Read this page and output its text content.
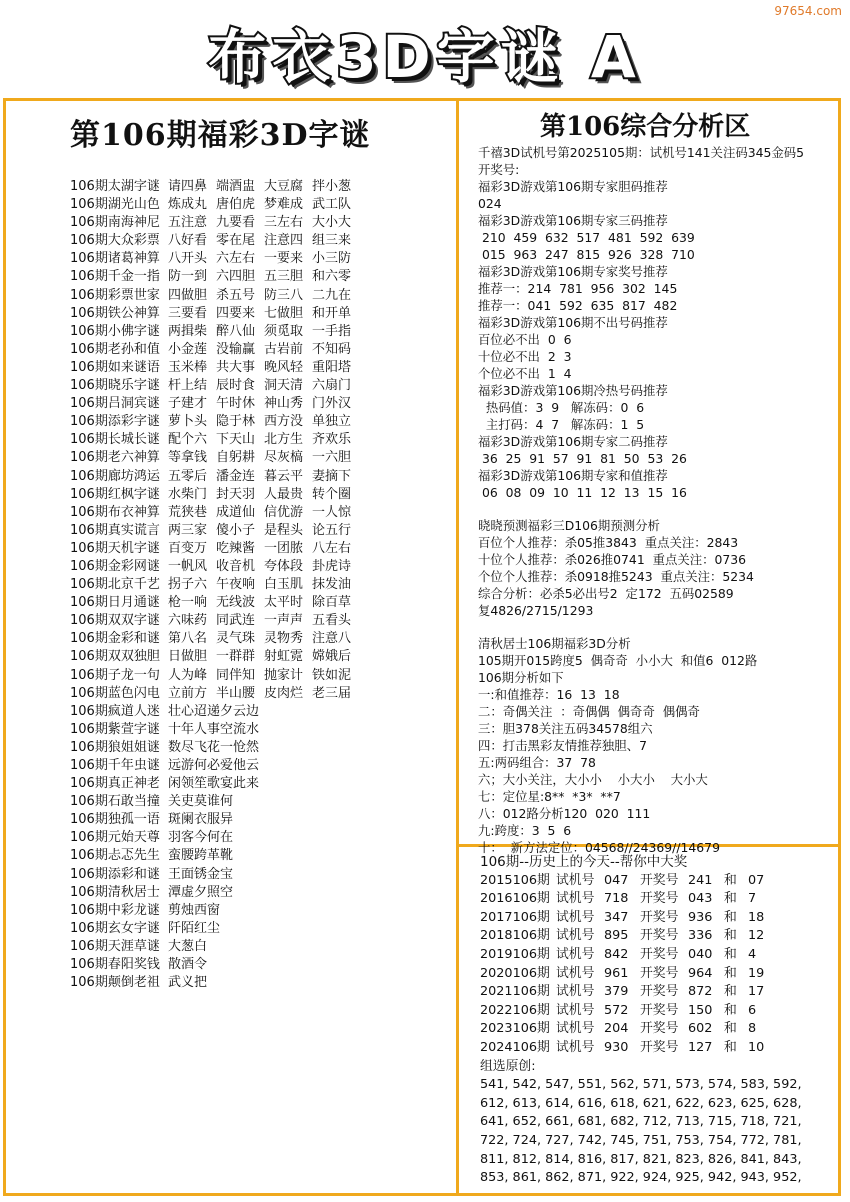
97654.com
布衣3D字谜 A
第106期福彩3D字谜
106期太湖字谜 请四鼻 端酒盅 大豆腐 拌小葱
106期湖光山色 炼成丸 唐伯虎 梦难成 武工队
106期南海神尼 五注意 九要看 三左右 大小大
106期大众彩票 八好看 零在尾 注意四 组三来
106期诸葛神算 八开头 六左右 一要来 小三防
106期千金一指 防一到 六四胆 五三胆 和六零
106期彩票世家 四做胆 杀五号 防三八 二九在
106期铁公神算 三要看 四要来 七做胆 和开单
106期小佛字谜 两揖柴 醉八仙 须觅取 一手指
106期老孙和值 小金莲 没输赢 古岩前 不知码
106期如来谜语 玉米棒 共大事 晚风轻 重阳塔
106期晓乐字谜 杆上结 辰时食 洞天清 六扇门
106期吕洞宾谜 子建才 午时休 神山秀 门外汉
106期添彩字谜 萝卜头 隐于林 西方没 单独立
106期长城长谜 配个六 下天山 北方生 齐欢乐
106期老六神算 等拿钱 自躬耕 尽灰槁 一六胆
106期廊坊鸿运 五零后 潘金连 暮云平 妻摘下
106期红枫字谜 水柴门 封天羽 人最贵 转个圈
106期布衣神算 荒狭巷 成道仙 信优游 一人惊
106期真实谎言 两三家 傻小子 是程头 论五行
106期天机字谜 百变万 吃辣酱 一团脓 八左右
106期金彩网谜 一帆风 收音机 夸体段 卦虎诗
106期北京千艺 拐子六 午夜响 白玉肌 抹发油
106期日月通谜 枪一响 无线波 太平时 除百草
106期双双字谜 六味药 同武连 一声声 五看头
106期金彩和谜 第八名 灵气珠 灵物秀 注意八
106期双双独胆 日做胆 一群群 射虹霓 嫦娥后
106期子龙一句 人为峰 同伴知 抛家计 铁如泥
106期蓝色闪电 立前方 半山腰 皮肉烂 老三届
106期疯道人迷 壮心迢递夕云边
106期紫萱字谜 十年人事空流水
106期狼姐姐谜 数尽飞花一怆然
106期千年虫谜 远游何必爱他云
106期真正神老 闲领笙歌宴此来
106期石敢当撞 关吏莫谁何
106期独孤一语 斑阑衣服异
106期元始天尊 羽客今何在
106期忐忑先生 蛮腰跨革靴
106期添彩和谜 王面锈金宝
106期清秋居士 潭虚夕照空
106期中彩龙谜 剪烛西窗
106期玄女字谜 阡陌红尘
106期天涯草谜 大葱白
106期春阳奖钱 散酒令
106期颠倒老祖 武义把
第106综合分析区
千禧3D试机号第2025105期：试机号141关注码345金码5
开奖号:
福彩3D游戏第106期专家胆码推荐
024
福彩3D游戏第106期专家三码推荐
210  459  632  517  481  592  639
015  963  247  815  926  328  710
福彩3D游戏第106期专家奖号推荐
推荐一：214  781  956  302  145
推荐一：041  592  635  817  482
福彩3D游戏第106期不出号码推荐
百位必不出  0  6
十位必不出  2  3
个位必不出  1  4
福彩3D游戏第106期冷热号码推荐
热码值：3  9   解冻码：0  6
主打码：4  7   解冻码：1  5
福彩3D游戏第106期专家二码推荐
36  25  91  57  91  81  50  53  26
福彩3D游戏第106期专家和值推荐
06  08  09  10  11  12  13  15  16
晓晓预测福彩三D106期预测分析
百位个人推荐：杀05推3843  重点关注：2843
十位个人推荐：杀026推0741  重点关注：0736
个位个人推荐：杀0918推5243  重点关注：5234
综合分析：必杀5必出号2  定172  五码02589
复4826/2715/1293
清秋居士106期福彩3D分析
105期开015跨度5  偶奇奇  小小大  和值6  012路
106期分析如下
一:和值推荐：16  13  18
二：奇偶关注  ：奇偶偶  偶奇奇  偶偶奇
三：胆378关注五码34578组六
四：打击黑彩友情推荐独胆、7
五:两码组合：37  78
六；大小关注，大小小    小大小    大小大
七：定位星:8**  *3*  **7
八：012路分析120  020  111
九:跨度：3  5  6
十：  新方法定位：04568//24369//14679
106期--历史上的今天--帮你中大奖
2015106期 试机号 047 开奖号 241 和 07
2016106期 试机号 718 开奖号 043 和 7
2017106期 试机号 347 开奖号 936 和 18
2018106期 试机号 895 开奖号 336 和 12
2019106期 试机号 842 开奖号 040 和 4
2020106期 试机号 961 开奖号 964 和 19
2021106期 试机号 379 开奖号 872 和 17
2022106期 试机号 572 开奖号 150 和 6
2023106期 试机号 204 开奖号 602 和 8
2024106期 试机号 930 开奖号 127 和 10
组选原创:
541, 542, 547, 551, 562, 571, 573, 574, 583, 592,
612, 613, 614, 616, 618, 621, 622, 623, 625, 628,
641, 652, 661, 681, 682, 712, 713, 715, 718, 721,
722, 724, 727, 742, 745, 751, 753, 754, 772, 781,
811, 812, 814, 816, 817, 821, 823, 826, 841, 843,
853, 861, 862, 871, 922, 924, 925, 942, 943, 952,
